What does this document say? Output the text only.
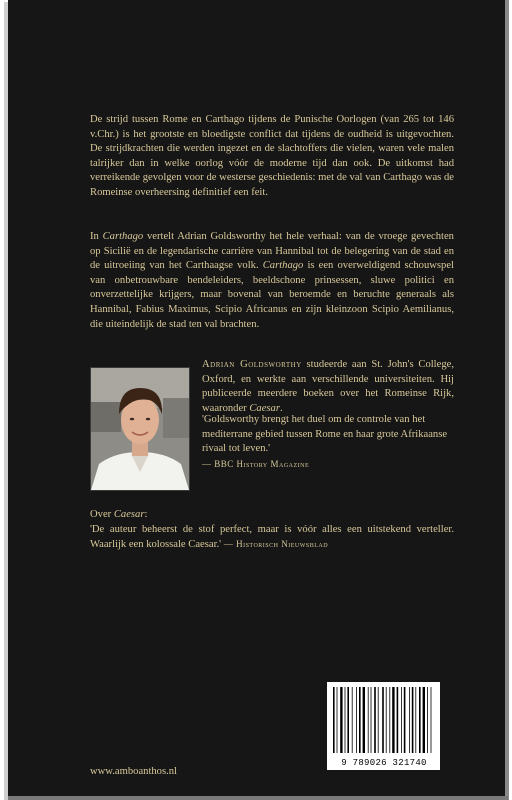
De strijd tussen Rome en Carthago tijdens de Punische Oorlogen (van 265 tot 146 v.Chr.) is het grootste en bloedigste conflict dat tijdens de oudheid is uitgevochten. De strijdkrachten die werden ingezet en de slachtoffers die vielen, waren vele malen talrijker dan in welke oorlog vóór de moderne tijd dan ook. De uitkomst had verreikende gevolgen voor de westerse geschiedenis: met de val van Carthago was de Romeinse overheersing definitief een feit.

In Carthago vertelt Adrian Goldsworthy het hele verhaal: van de vroege gevechten op Sicilië en de legendarische carrière van Hannibal tot de belegering van de stad en de uitroeiing van het Carthaagse volk. Carthago is een overweldigend schouwspel van onbetrouwbare bendeleiders, beeldschone prinsessen, sluwe politici en onverzettelijke krijgers, maar bovenal van beroemde en beruchte generaals als Hannibal, Fabius Maximus, Scipio Africanus en zijn kleinzoon Scipio Aemilianus, die uiteindelijk de stad ten val brachten.

Adrian Goldsworthy studeerde aan St. John's College, Oxford, en werkte aan verschillende universiteiten. Hij publiceerde meerdere boeken over het Romeinse Rijk, waaronder Caesar.
'Goldsworthy brengt het duel om de controle van het mediterrane gebied tussen Rome en haar grote Afrikaanse rivaal tot leven.'
— BBC History Magazine
Over Caesar:
'De auteur beheerst de stof perfect, maar is vóór alles een uitstekend verteller. Waarlijk een kolossale Caesar.' — Historisch Nieuwsblad
9 789026 321740
www.amboanthos.nl
